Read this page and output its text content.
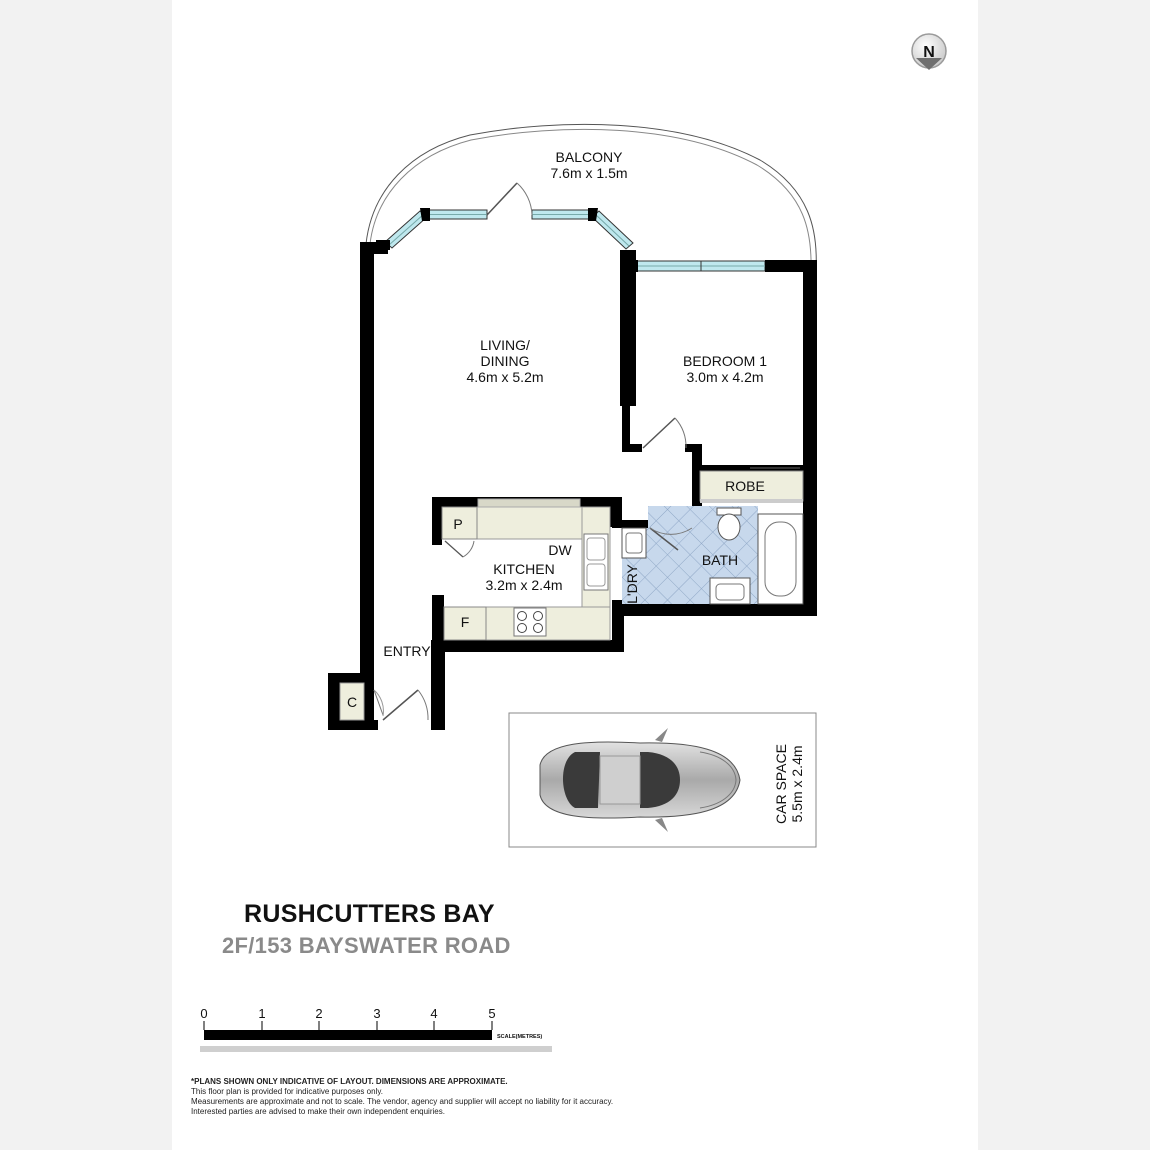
N
BALCONY
7.6m x 1.5m
LIVING/
DINING
4.6m x 5.2m
BEDROOM 1
3.0m x 4.2m
ROBE
BATH
L'DRY
KITCHEN
3.2m x 2.4m
DW
P
F
ENTRY
C
CAR SPACE 5.5m x 2.4m
0	1	2	3	4	5
SCALE(METRES)
RUSHCUTTERS BAY
2F/153 BAYSWATER ROAD
*PLANS SHOWN ONLY INDICATIVE OF LAYOUT. DIMENSIONS ARE APPROXIMATE.
This floor plan is provided for indicative purposes only.
Measurements are approximate and not to scale. The vendor, agency and supplier will accept no liability for it accuracy.
Interested parties are advised to make their own independent enquiries.
